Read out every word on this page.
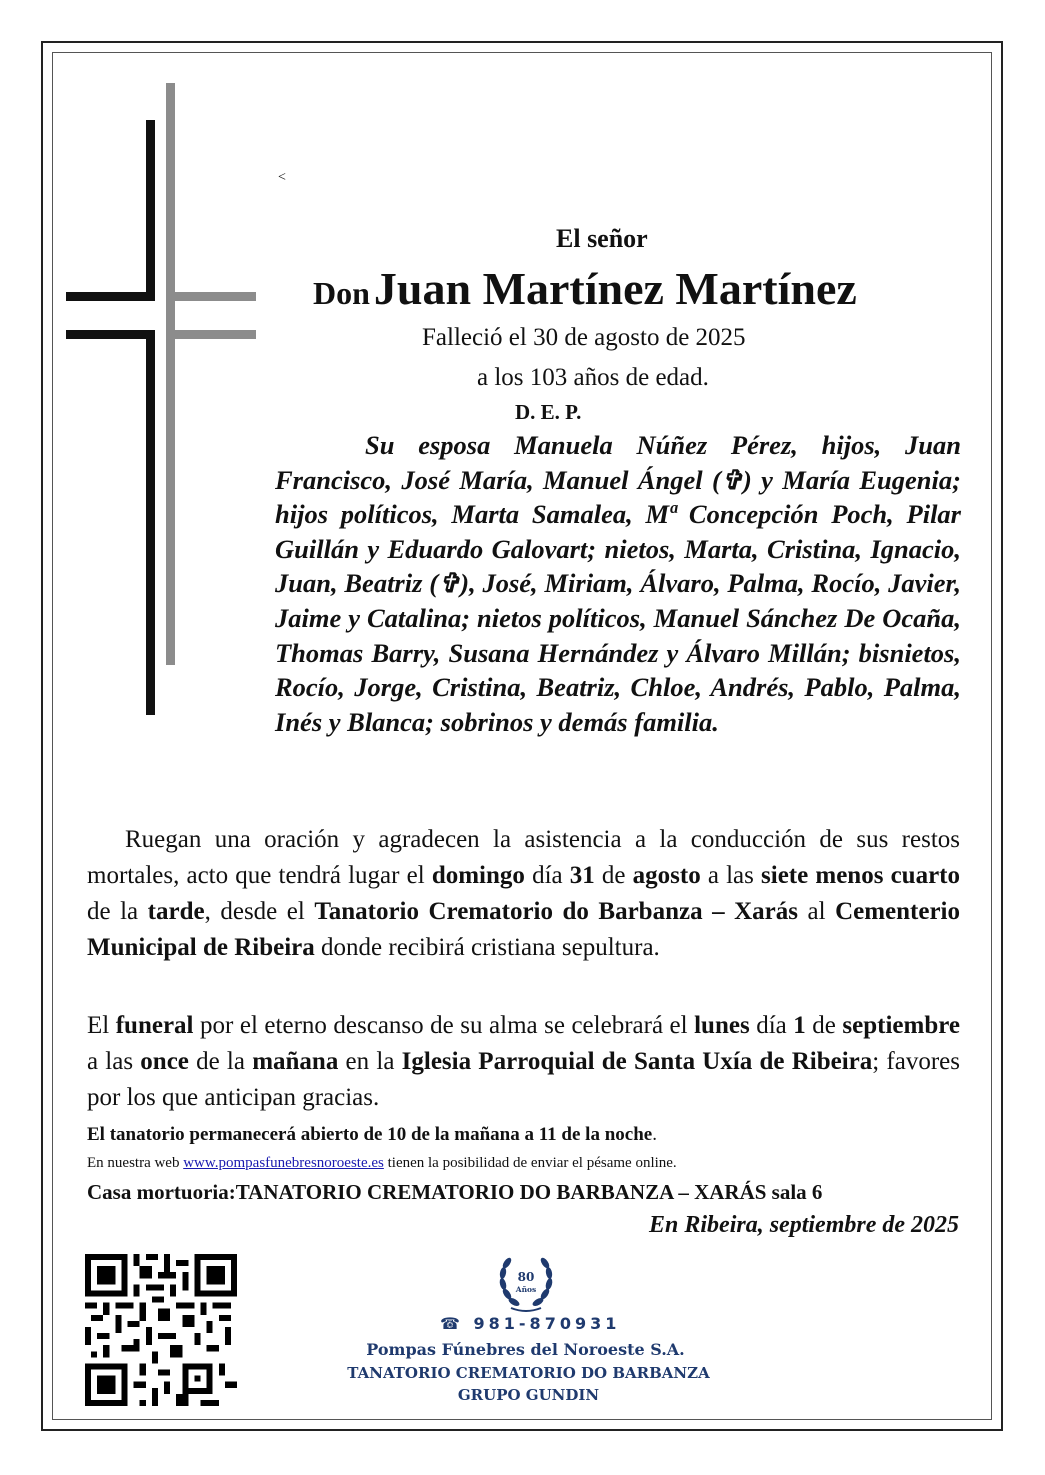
<
El señor
Don Juan Martínez Martínez
Falleció el 30 de agosto de 2025
a los 103 años de edad.
D. E. P.

Su esposa Manuela Núñez Pérez, hijos, Juan Francisco, José María, Manuel Ángel (✞) y María Eugenia; hijos políticos, Marta Samalea, Mª Concepción Poch, Pilar Guillán y Eduardo Galovart; nietos, Marta, Cristina, Ignacio, Juan, Beatriz (✞), José, Miriam, Álvaro, Palma, Rocío, Javier, Jaime y Catalina; nietos políticos, Manuel Sánchez De Ocaña, Thomas Barry, Susana Hernández y Álvaro Millán; bisnietos, Rocío, Jorge, Cristina, Beatriz, Chloe, Andrés, Pablo, Palma, Inés y Blanca; sobrinos y demás familia.

Ruegan una oración y agradecen la asistencia a la conducción de sus restos mortales, acto que tendrá lugar el domingo día 31 de agosto a las siete menos cuarto de la tarde, desde el Tanatorio Crematorio do Barbanza – Xarás al Cementerio Municipal de Ribeira donde recibirá cristiana sepultura.

El funeral por el eterno descanso de su alma se celebrará el lunes día 1 de septiembre a las once de la mañana en la Iglesia Parroquial de Santa Uxía de Ribeira; favores por los que anticipan gracias.

El tanatorio permanecerá abierto de 10 de la mañana a 11 de la noche.
En nuestra web www.pompasfunebresnoroeste.es tienen la posibilidad de enviar el pésame online.
Casa mortuoria:TANATORIO CREMATORIO DO BARBANZA – XARÁS sala 6
En Ribeira, septiembre de 2025
80
Años
☎ 981-870931
Pompas Fúnebres del Noroeste S.A.
TANATORIO CREMATORIO DO BARBANZA
GRUPO GUNDIN
